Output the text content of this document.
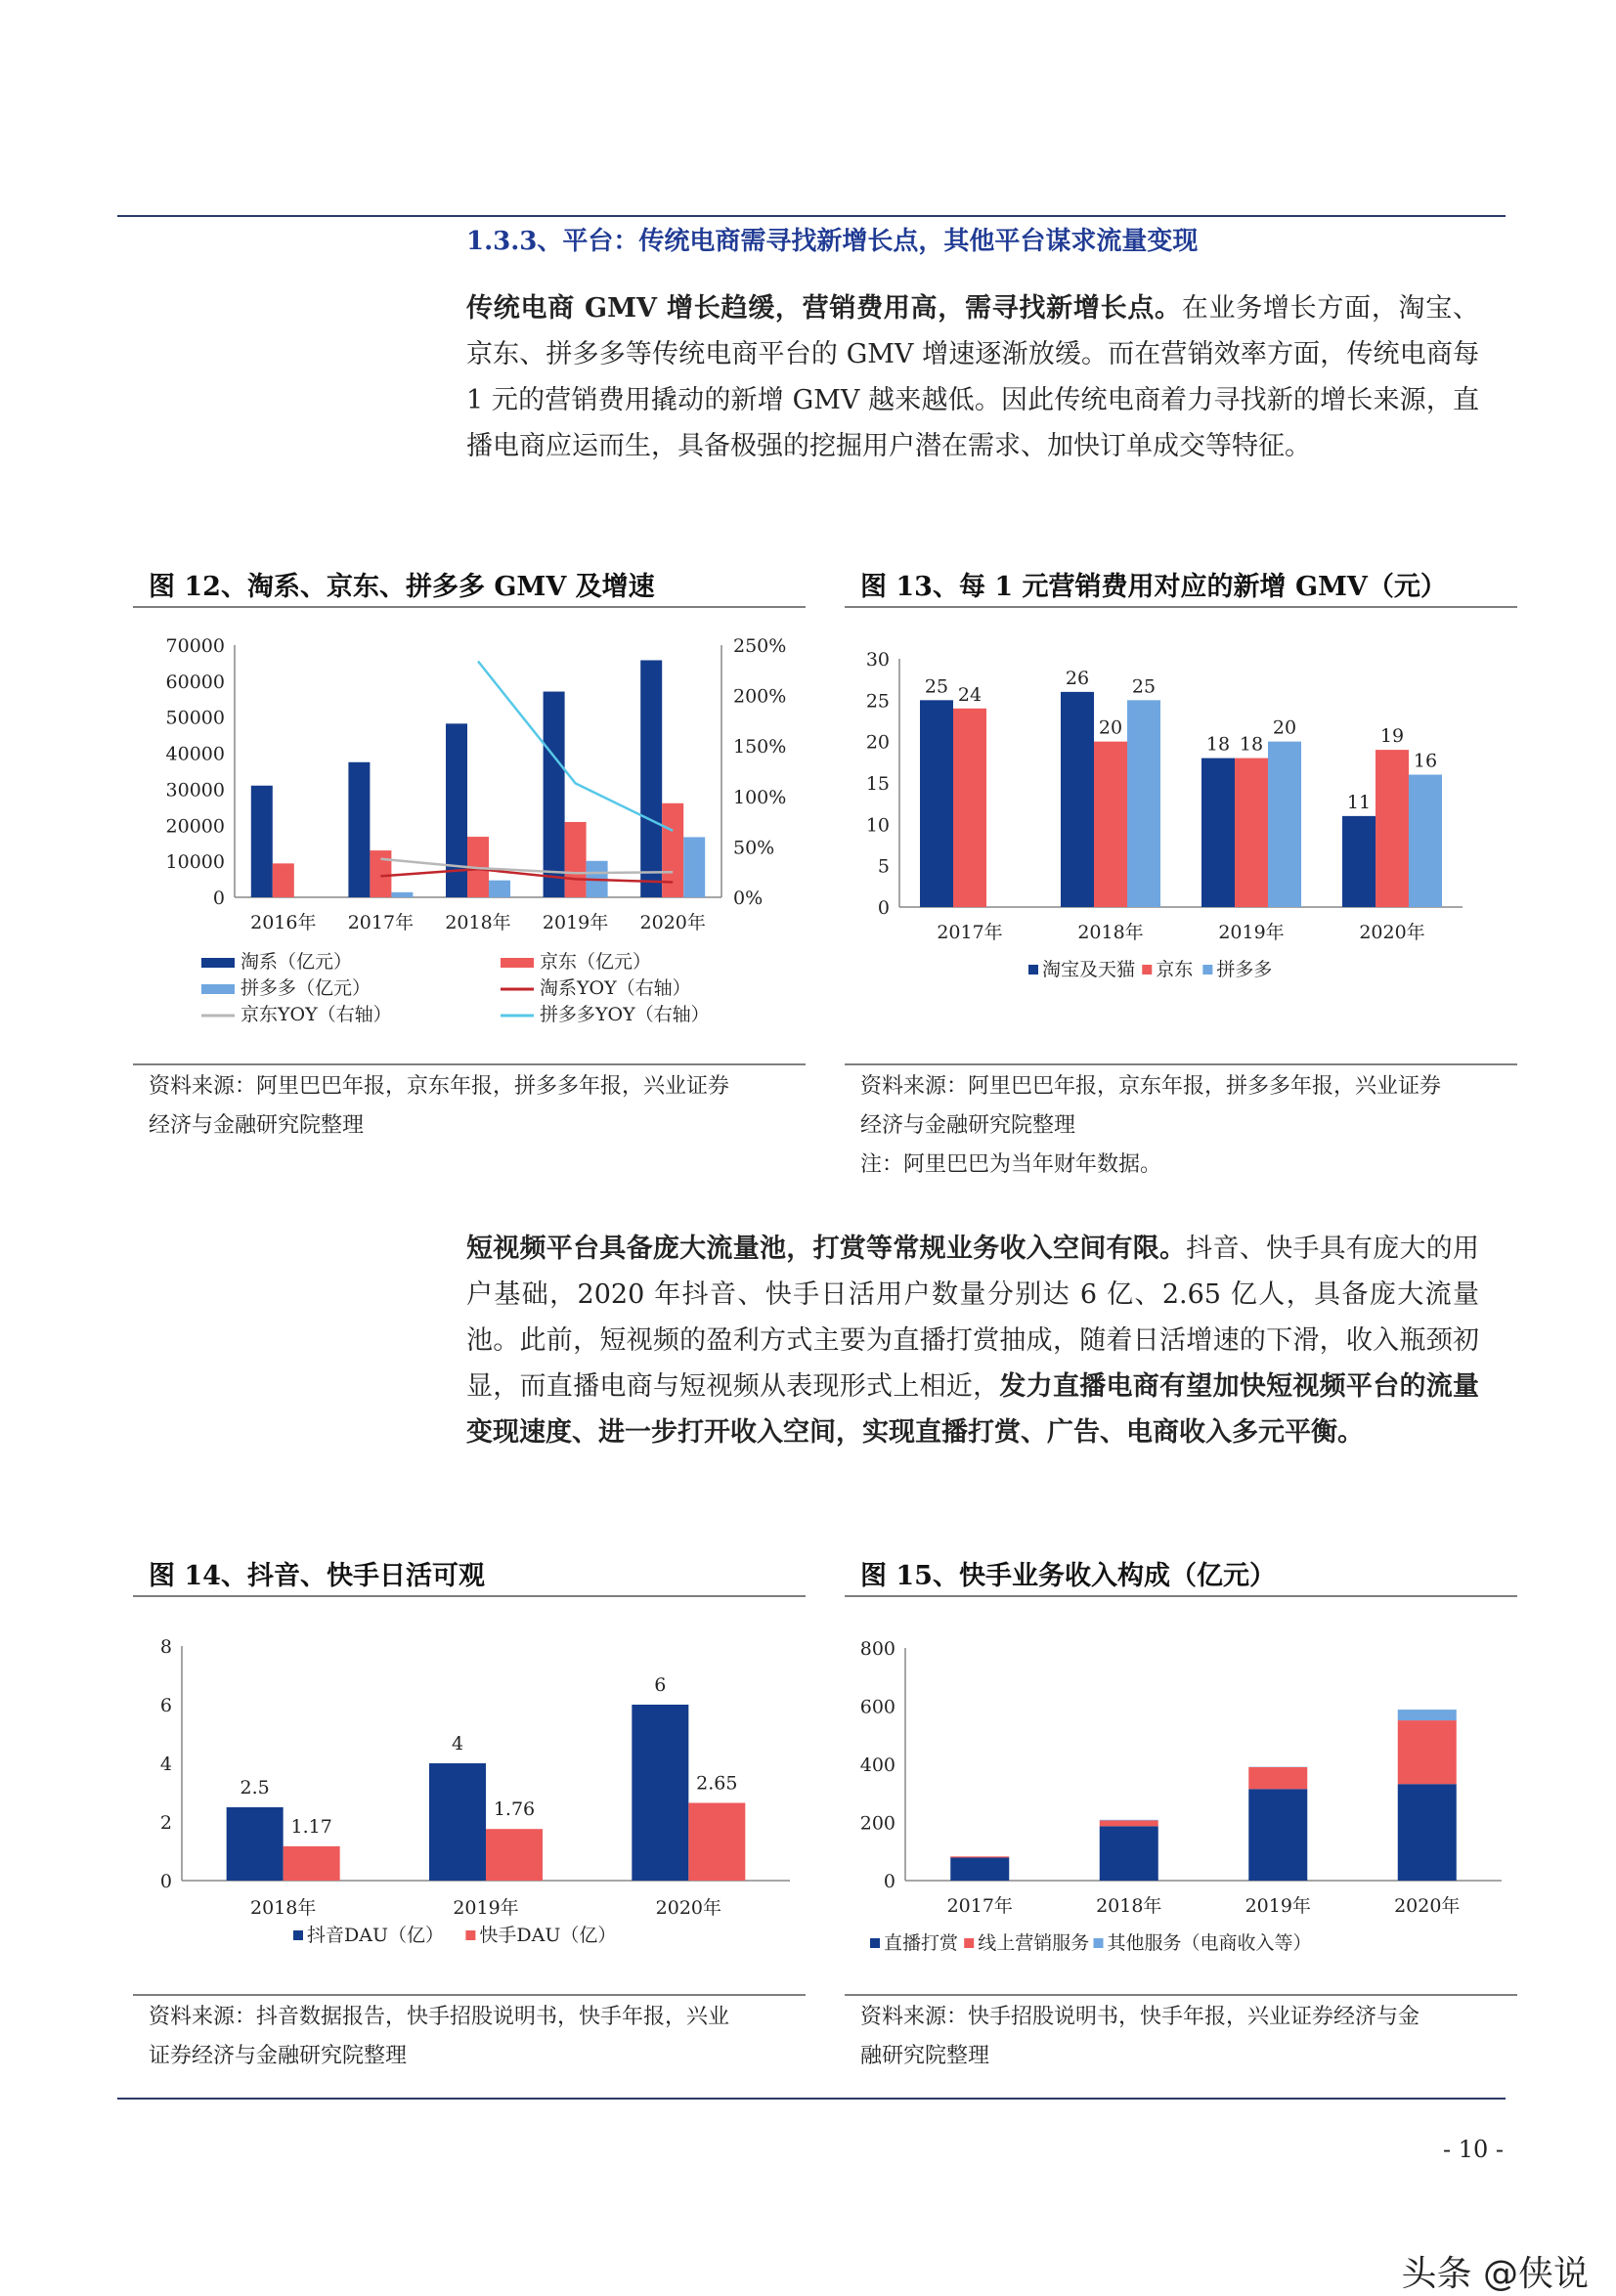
1.3.3、平台：传统电商需寻找新增长点，其他平台谋求流量变现
传统电商 GMV 增长趋缓，营销费用高，需寻找新增长点。在业务增长方面，淘宝、京东、拼多多等传统电商平台的 GMV 增速逐渐放缓。而在营销效率方面，传统电商每 1 元的营销费用撬动的新增 GMV 越来越低。因此传统电商着力寻找新的增长来源，直播电商应运而生，具备极强的挖掘用户潜在需求、加快订单成交等特征。
图 12、淘系、京东、拼多多 GMV 及增速
70000
60000
50000
40000
30000
20000
10000
0
250%
200%
150%
100%
50%
0%
2016年 2017年 2018年 2019年 2020年
淘系（亿元）	京东（亿元）
拼多多（亿元）	淘系YOY（右轴）
京东YOY（右轴）	拼多多YOY（右轴）
资料来源：阿里巴巴年报，京东年报，拼多多年报，兴业证券
经济与金融研究院整理
图 13、每 1 元营销费用对应的新增 GMV（元）
30
25
20
15
10
5
0
2017年
25 24
2018年
26
20
25
2019年
18 18
20
2020年
11
19
16
淘宝及天猫 京东 拼多多
资料来源：阿里巴巴年报，京东年报，拼多多年报，兴业证券
经济与金融研究院整理
注：阿里巴巴为当年财年数据。
短视频平台具备庞大流量池，打赏等常规业务收入空间有限。抖音、快手具有庞大的用户基础，2020 年抖音、快手日活用户数量分别达 6 亿、2.65 亿人，具备庞大流量池。此前，短视频的盈利方式主要为直播打赏抽成，随着日活增速的下滑，收入瓶颈初显，而直播电商与短视频从表现形式上相近，发力直播电商有望加快短视频平台的流量变现速度、进一步打开收入空间，实现直播打赏、广告、电商收入多元平衡。
图 14、抖音、快手日活可观
8
6
4
2
0
2018年
2.5
1.17
2019年
4
1.76
2020年
6
2.65
抖音DAU（亿） 快手DAU（亿）
资料来源：抖音数据报告，快手招股说明书，快手年报，兴业
证券经济与金融研究院整理
图 15、快手业务收入构成（亿元）
800
600
400
200
0
2017年	2018年	2019年	2020年
直播打赏 线上营销服务 其他服务（电商收入等）
资料来源：快手招股说明书，快手年报，兴业证券经济与金
融研究院整理
- 10 -
头条 @侠说
